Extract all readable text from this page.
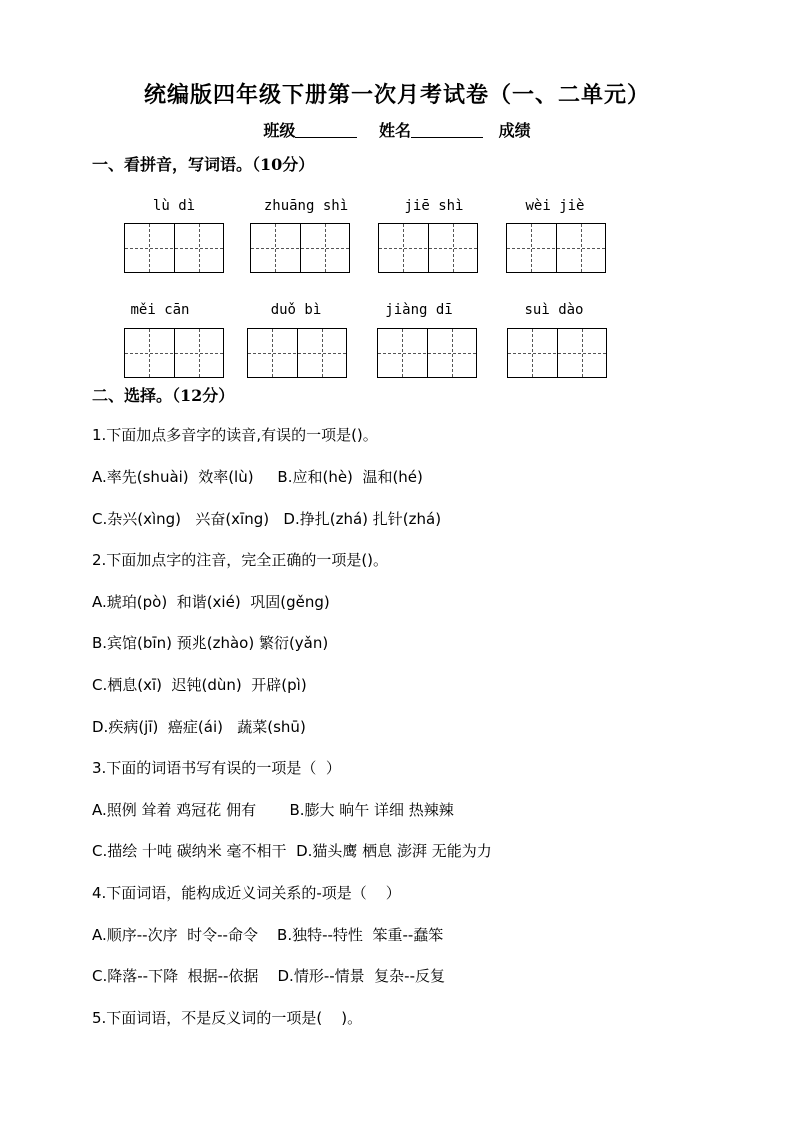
统编版四年级下册第一次月考试卷（一、二单元）
班级	姓名	成绩
一、看拼音，写词语。（10分）
lù dì	zhuāng shì	jiē shì	wèi jiè
měi cān	duǒ bì	jiàng dī	suì dào
二、选择。（12分）
1.下面加点多音字的读音,有误的一项是()。
A.率先(shuài)  效率(lù)     B.应和(hè)  温和(hé)
C.杂兴(xìng)   兴奋(xīng)   D.挣扎(zhá) 扎针(zhá)
2.下面加点字的注音，完全正确的一项是()。
A.琥珀(pò)  和谐(xié)  巩固(gěng)
B.宾馆(bīn) 预兆(zhào) 繁衍(yǎn)
C.栖息(xī)  迟钝(dùn)  开辟(pì)
D.疾病(jī)  癌症(ái)   蔬菜(shū)
3.下面的词语书写有误的一项是（  ）
A.照例 耸着 鸡冠花 佣有       B.膨大 晌午 详细 热辣辣
C.描绘 十吨 碳纳米 毫不相干  D.猫头鹰 栖息 澎湃 无能为力
4.下面词语，能构成近义词关系的-项是（    ）
A.顺序--次序  时令--命令    B.独特--特性  笨重--蠢笨
C.降落--下降  根据--依据    D.情形--情景  复杂--反复
5.下面词语，不是反义词的一项是(    )。
